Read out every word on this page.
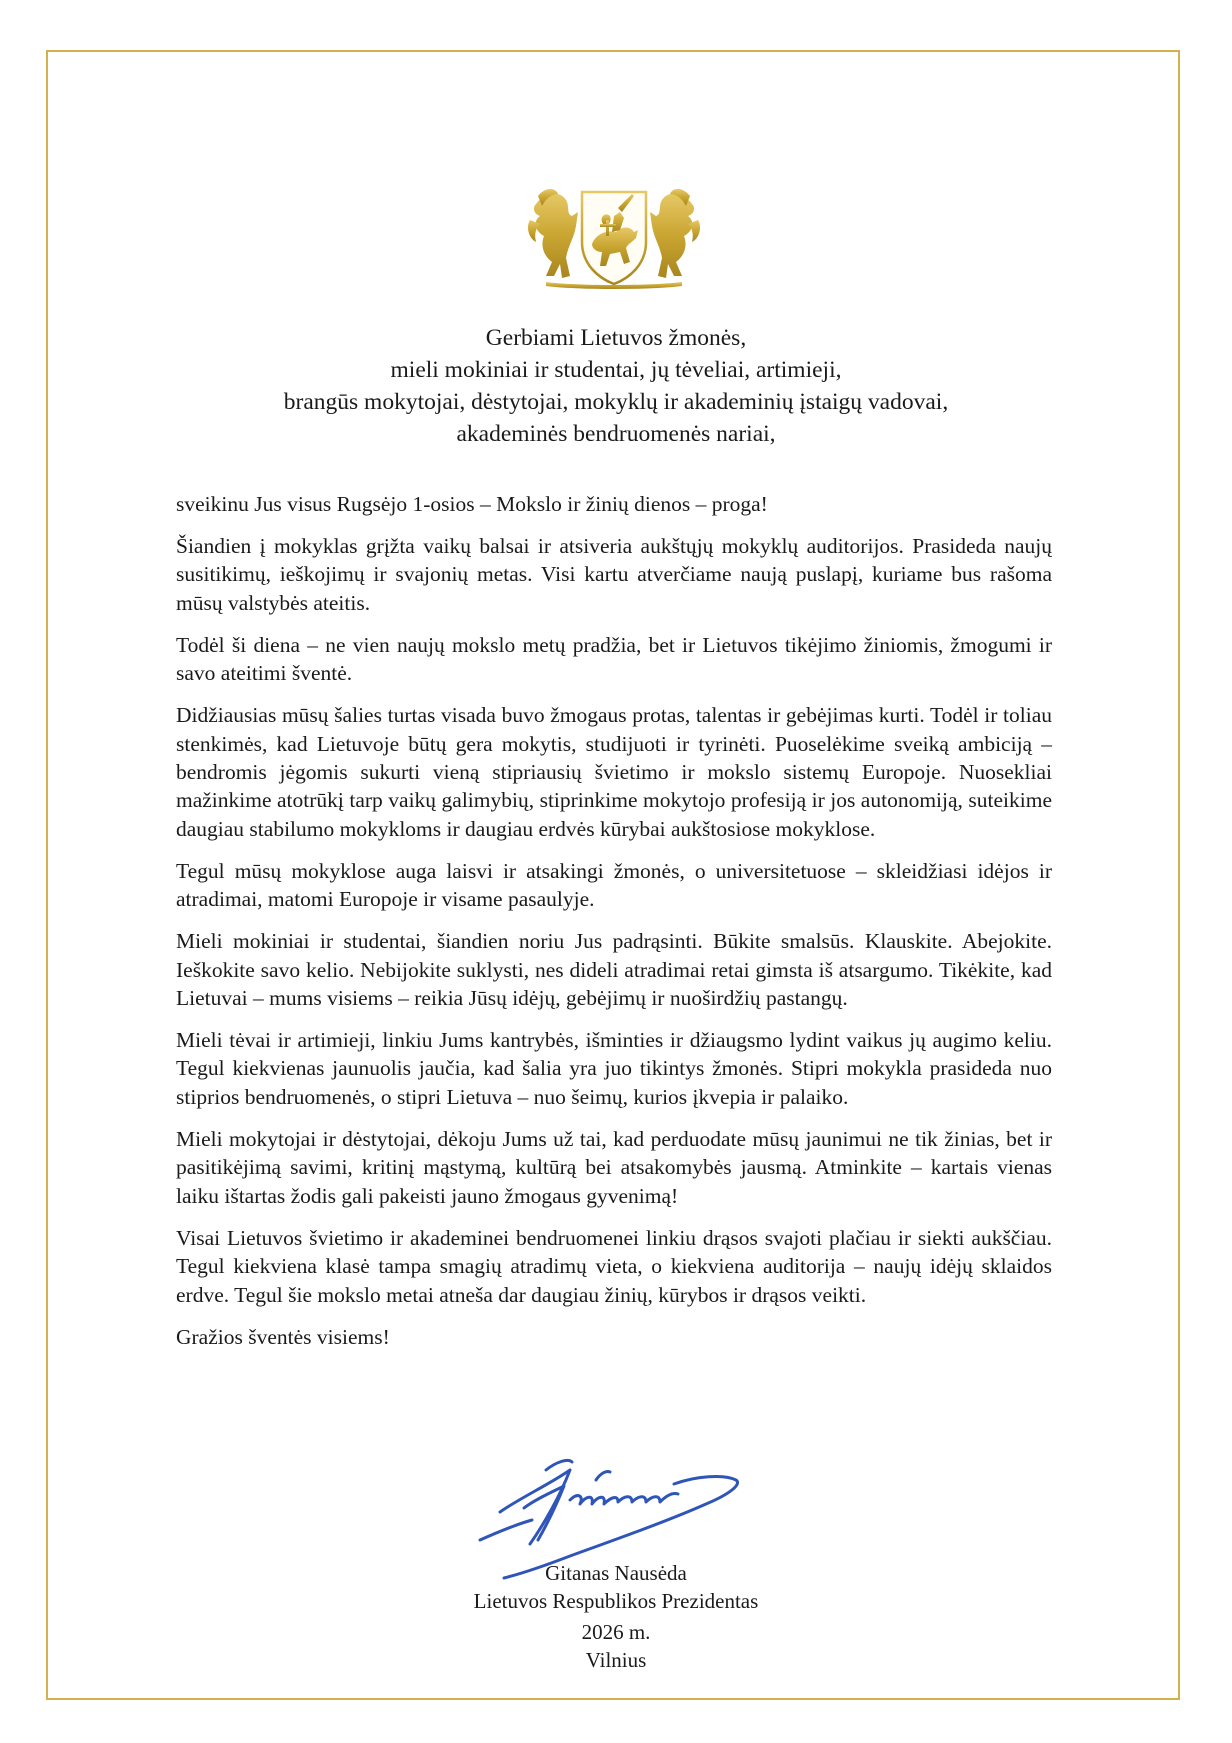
Gerbiami Lietuvos žmonės,
mieli mokiniai ir studentai, jų tėveliai, artimieji,
brangūs mokytojai, dėstytojai, mokyklų ir akademinių įstaigų vadovai,
akademinės bendruomenės nariai,

sveikinu Jus visus Rugsėjo 1-osios – Mokslo ir žinių dienos – proga!

Šiandien į mokyklas grįžta vaikų balsai ir atsiveria aukštųjų mokyklų auditorijos. Prasideda naujų susitikimų, ieškojimų ir svajonių metas. Visi kartu atverčiame naują puslapį, kuriame bus rašoma mūsų valstybės ateitis.

Todėl ši diena – ne vien naujų mokslo metų pradžia, bet ir Lietuvos tikėjimo žiniomis, žmogumi ir savo ateitimi šventė.

Didžiausias mūsų šalies turtas visada buvo žmogaus protas, talentas ir gebėjimas kurti. Todėl ir toliau stenkimės, kad Lietuvoje būtų gera mokytis, studijuoti ir tyrinėti. Puoselėkime sveiką ambiciją – bendromis jėgomis sukurti vieną stipriausių švietimo ir mokslo sistemų Europoje. Nuosekliai mažinkime atotrūkį tarp vaikų galimybių, stiprinkime mokytojo profesiją ir jos autonomiją, suteikime daugiau stabilumo mokykloms ir daugiau erdvės kūrybai aukštosiose mokyklose.

Tegul mūsų mokyklose auga laisvi ir atsakingi žmonės, o universitetuose – skleidžiasi idėjos ir atradimai, matomi Europoje ir visame pasaulyje.

Mieli mokiniai ir studentai, šiandien noriu Jus padrąsinti. Būkite smalsūs. Klauskite. Abejokite. Ieškokite savo kelio. Nebijokite suklysti, nes dideli atradimai retai gimsta iš atsargumo. Tikėkite, kad Lietuvai – mums visiems – reikia Jūsų idėjų, gebėjimų ir nuoširdžių pastangų.

Mieli tėvai ir artimieji, linkiu Jums kantrybės, išminties ir džiaugsmo lydint vaikus jų augimo keliu. Tegul kiekvienas jaunuolis jaučia, kad šalia yra juo tikintys žmonės. Stipri mokykla prasideda nuo stiprios bendruomenės, o stipri Lietuva – nuo šeimų, kurios įkvepia ir palaiko.

Mieli mokytojai ir dėstytojai, dėkoju Jums už tai, kad perduodate mūsų jaunimui ne tik žinias, bet ir pasitikėjimą savimi, kritinį mąstymą, kultūrą bei atsakomybės jausmą. Atminkite – kartais vienas laiku ištartas žodis gali pakeisti jauno žmogaus gyvenimą!

Visai Lietuvos švietimo ir akademinei bendruomenei linkiu drąsos svajoti plačiau ir siekti aukščiau. Tegul kiekviena klasė tampa smagių atradimų vieta, o kiekviena auditorija – naujų idėjų sklaidos erdve. Tegul šie mokslo metai atneša dar daugiau žinių, kūrybos ir drąsos veikti.

Gražios šventės visiems!

Gitanas Nausėda
Lietuvos Respublikos Prezidentas
2026 m.
Vilnius
